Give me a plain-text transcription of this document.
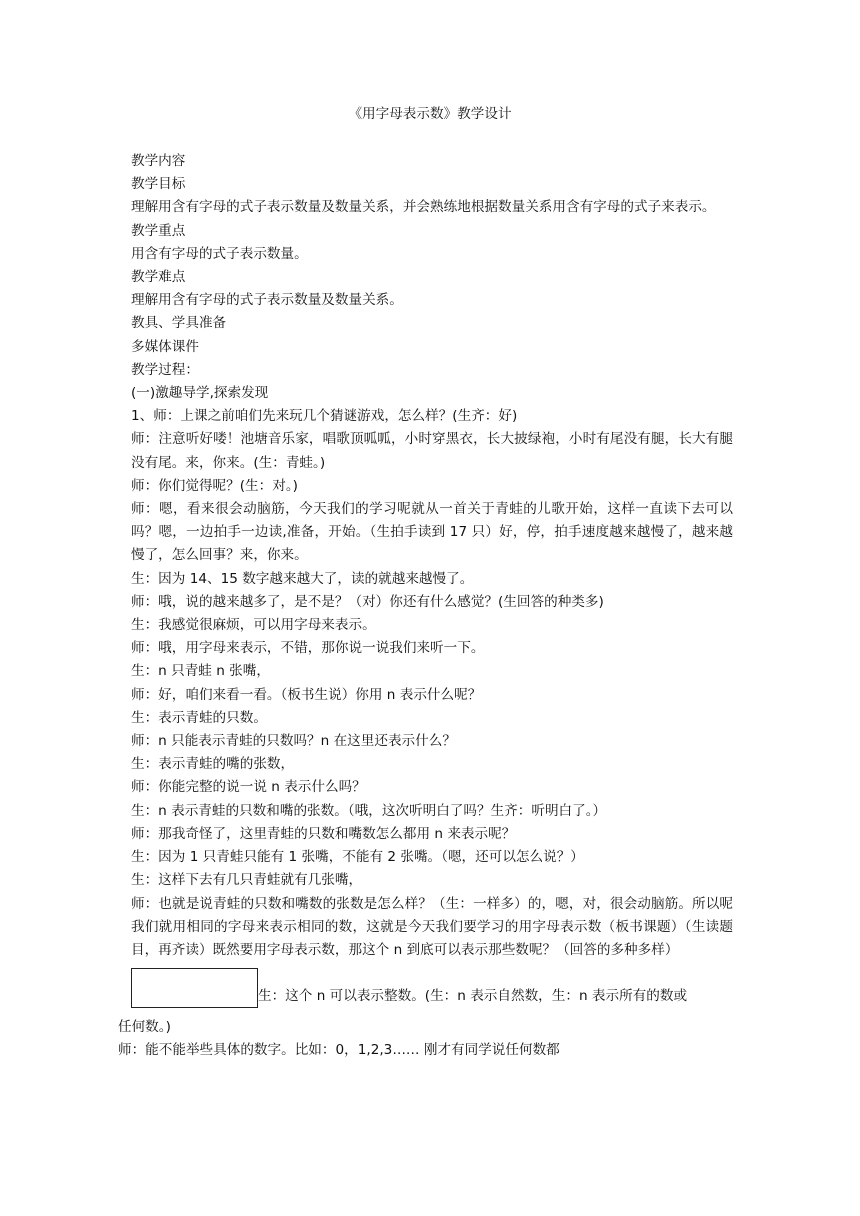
《用字母表示数》教学设计

教学内容

教学目标

理解用含有字母的式子表示数量及数量关系，并会熟练地根据数量关系用含有字母的式子来表示。

教学重点

用含有字母的式子表示数量。

教学难点

理解用含有字母的式子表示数量及数量关系。

教具、学具准备

多媒体课件

教学过程：

(一)激趣导学,探索发现

1、师：上课之前咱们先来玩几个猜谜游戏，怎么样？(生齐：好)

师：注意听好喽！池塘音乐家，唱歌顶呱呱，小时穿黑衣，长大披绿袍，小时有尾没有腿，长大有腿没有尾。来，你来。(生：青蛙。)

师：你们觉得呢？(生：对。)

师：嗯，看来很会动脑筋，今天我们的学习呢就从一首关于青蛙的儿歌开始，这样一直读下去可以吗？嗯，一边拍手一边读,准备，开始。（生拍手读到 17 只）好，停，拍手速度越来越慢了，越来越慢了，怎么回事？来，你来。

生：因为 14、15 数字越来越大了，读的就越来越慢了。

师：哦，说的越来越多了，是不是？（对）你还有什么感觉？(生回答的种类多)

生：我感觉很麻烦，可以用字母来表示。

师：哦，用字母来表示，不错，那你说一说我们来听一下。

生：n 只青蛙 n 张嘴，

师：好，咱们来看一看。（板书生说）你用 n 表示什么呢？

生：表示青蛙的只数。

师：n 只能表示青蛙的只数吗？n 在这里还表示什么？

生：表示青蛙的嘴的张数，

师：你能完整的说一说 n 表示什么吗？

生：n 表示青蛙的只数和嘴的张数。（哦，这次听明白了吗？生齐：听明白了。）

师：那我奇怪了，这里青蛙的只数和嘴数怎么都用 n 来表示呢？

生：因为 1 只青蛙只能有 1 张嘴，不能有 2 张嘴。（嗯，还可以怎么说？）

生：这样下去有几只青蛙就有几张嘴，

师：也就是说青蛙的只数和嘴数的张数是怎么样？（生：一样多）的，嗯，对，很会动脑筋。所以呢我们就用相同的字母来表示相同的数，这就是今天我们要学习的用字母表示数（板书课题）（生读题目，再齐读）既然要用字母表示数，那这个 n 到底可以表示那些数呢？（回答的多种多样）

生：这个 n 可以表示整数。(生：n 表示自然数，生：n 表示所有的数或

任何数。)

师：能不能举些具体的数字。比如：0，1,2,3…… 刚才有同学说任何数都
